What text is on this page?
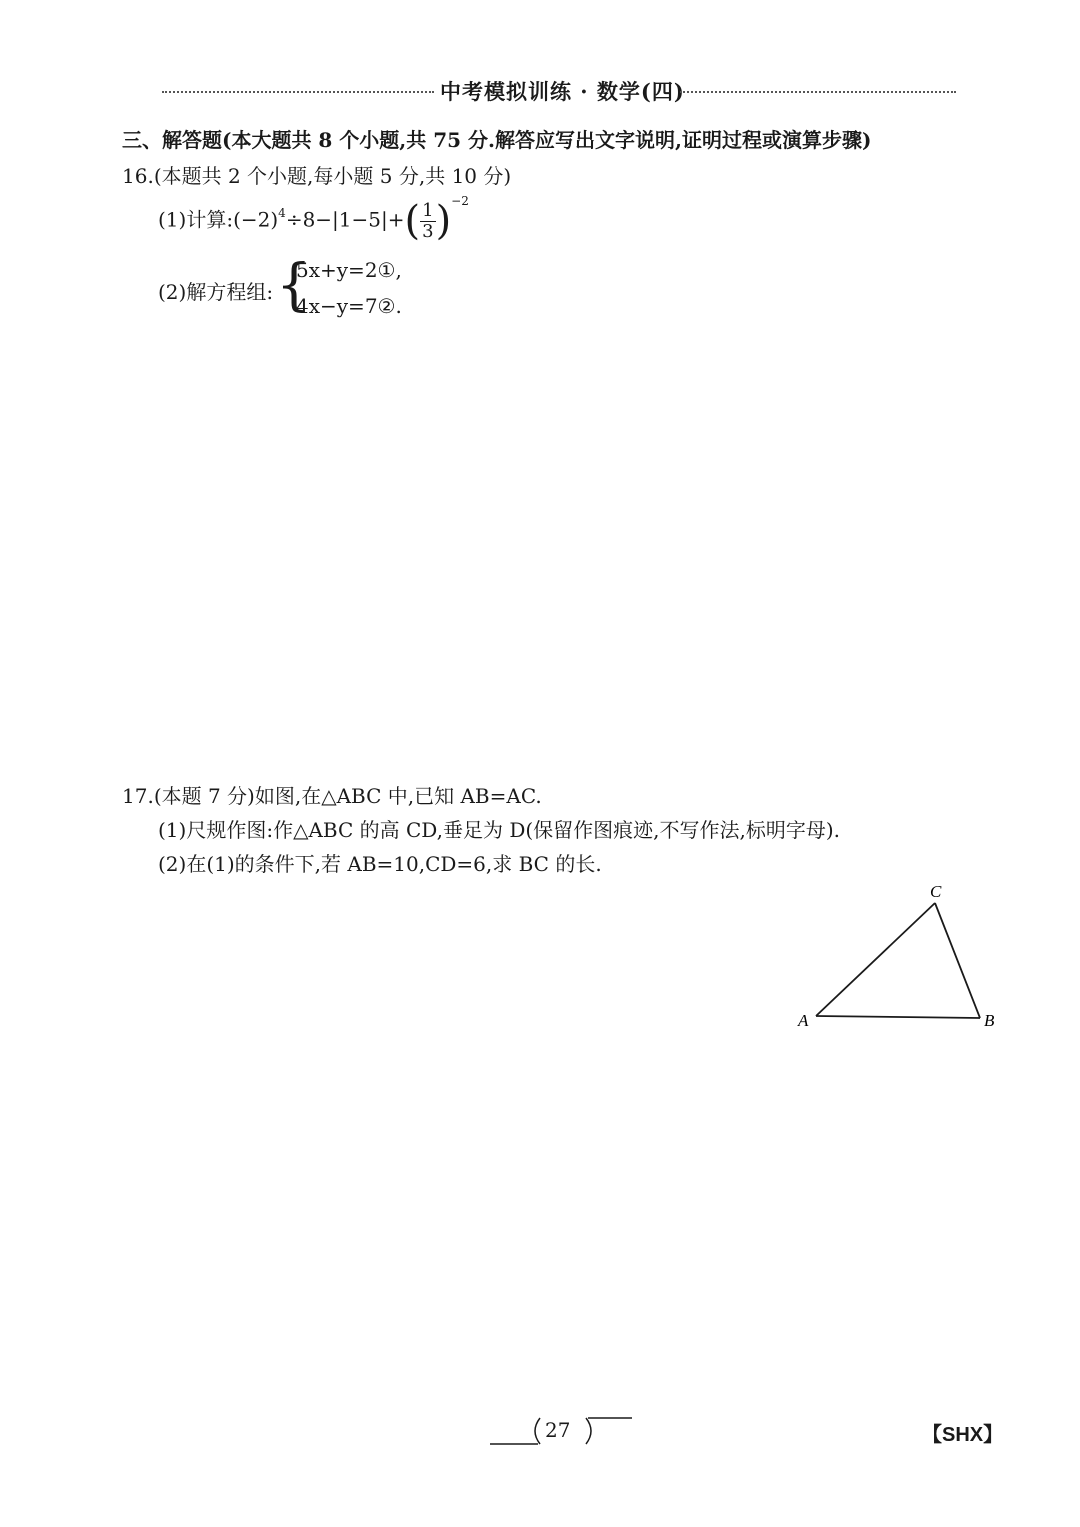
中考模拟训练 · 数学(四)
三、解答题(本大题共 8 个小题,共 75 分.解答应写出文字说明,证明过程或演算步骤)
16.(本题共 2 个小题,每小题 5 分,共 10 分)
(1)计算$:(-2)^4\div 8-|1-5|+( \frac{1}{3} )^{-2}$
(2)解方程组: {
5x+y=2①,
4x−y=7②.
17.(本题 7 分)如图,在△ABC 中,已知 AB=AC.
(1)尺规作图:作△ABC 的高 CD,垂足为 D(保留作图痕迹,不写作法,标明字母).
(2)在(1)的条件下,若 AB=10,CD=6,求 BC 的长.
A	B
C
27	【SHX】
